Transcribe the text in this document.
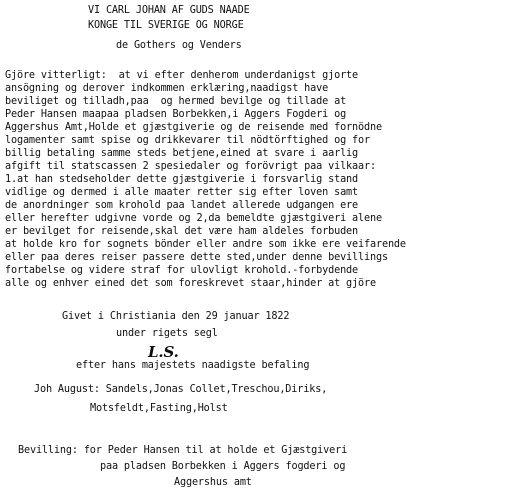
VI CARL JOHAN AF GUDS NAADE
KONGE TIL SVERIGE OG NORGE
de Gothers og Venders
Gjöre vitterligt:  at vi efter denherom underdanigst gjorte
ansögning og derover indkommen erklæring,naadigst have
beviliget og tilladh,paa  og hermed bevilge og tillade at
Peder Hansen maapaa pladsen Borbekken,i Aggers Fogderi og
Aggershus Amt,Holde et gjæstgiverie og de reisende med fornödne
logamenter samt spise og drikkevarer til nödtörftighed og for
billig betaling samme steds betjene,eined at svare i aarlig
afgift til statscassen 2 spesiedaler og forövrigt paa vilkaar:
1.at han stedseholder dette gjæstgiverie i forsvarlig stand
vidlige og dermed i alle maater retter sig efter loven samt
de anordninger som krohold paa landet allerede udgangen ere
eller herefter udgivne vorde og 2,da bemeldte gjæstgiveri alene
er bevilget for reisende,skal det være ham aldeles forbuden
at holde kro for sognets bönder eller andre som ikke ere veifarende
eller paa deres reiser passere dette sted,under denne bevillings
fortabelse og videre straf for ulovligt krohold.-forbydende
alle og enhver eined det som foreskrevet staar,hinder at gjöre
Givet i Christiania den 29 januar 1822
under rigets segl
L.S.
efter hans majestets naadigste befaling
Joh August: Sandels,Jonas Collet,Treschou,Diriks,
Motsfeldt,Fasting,Holst
Bevilling: for Peder Hansen til at holde et Gjæstgiveri
paa pladsen Borbekken i Aggers fogderi og
Aggershus amt
